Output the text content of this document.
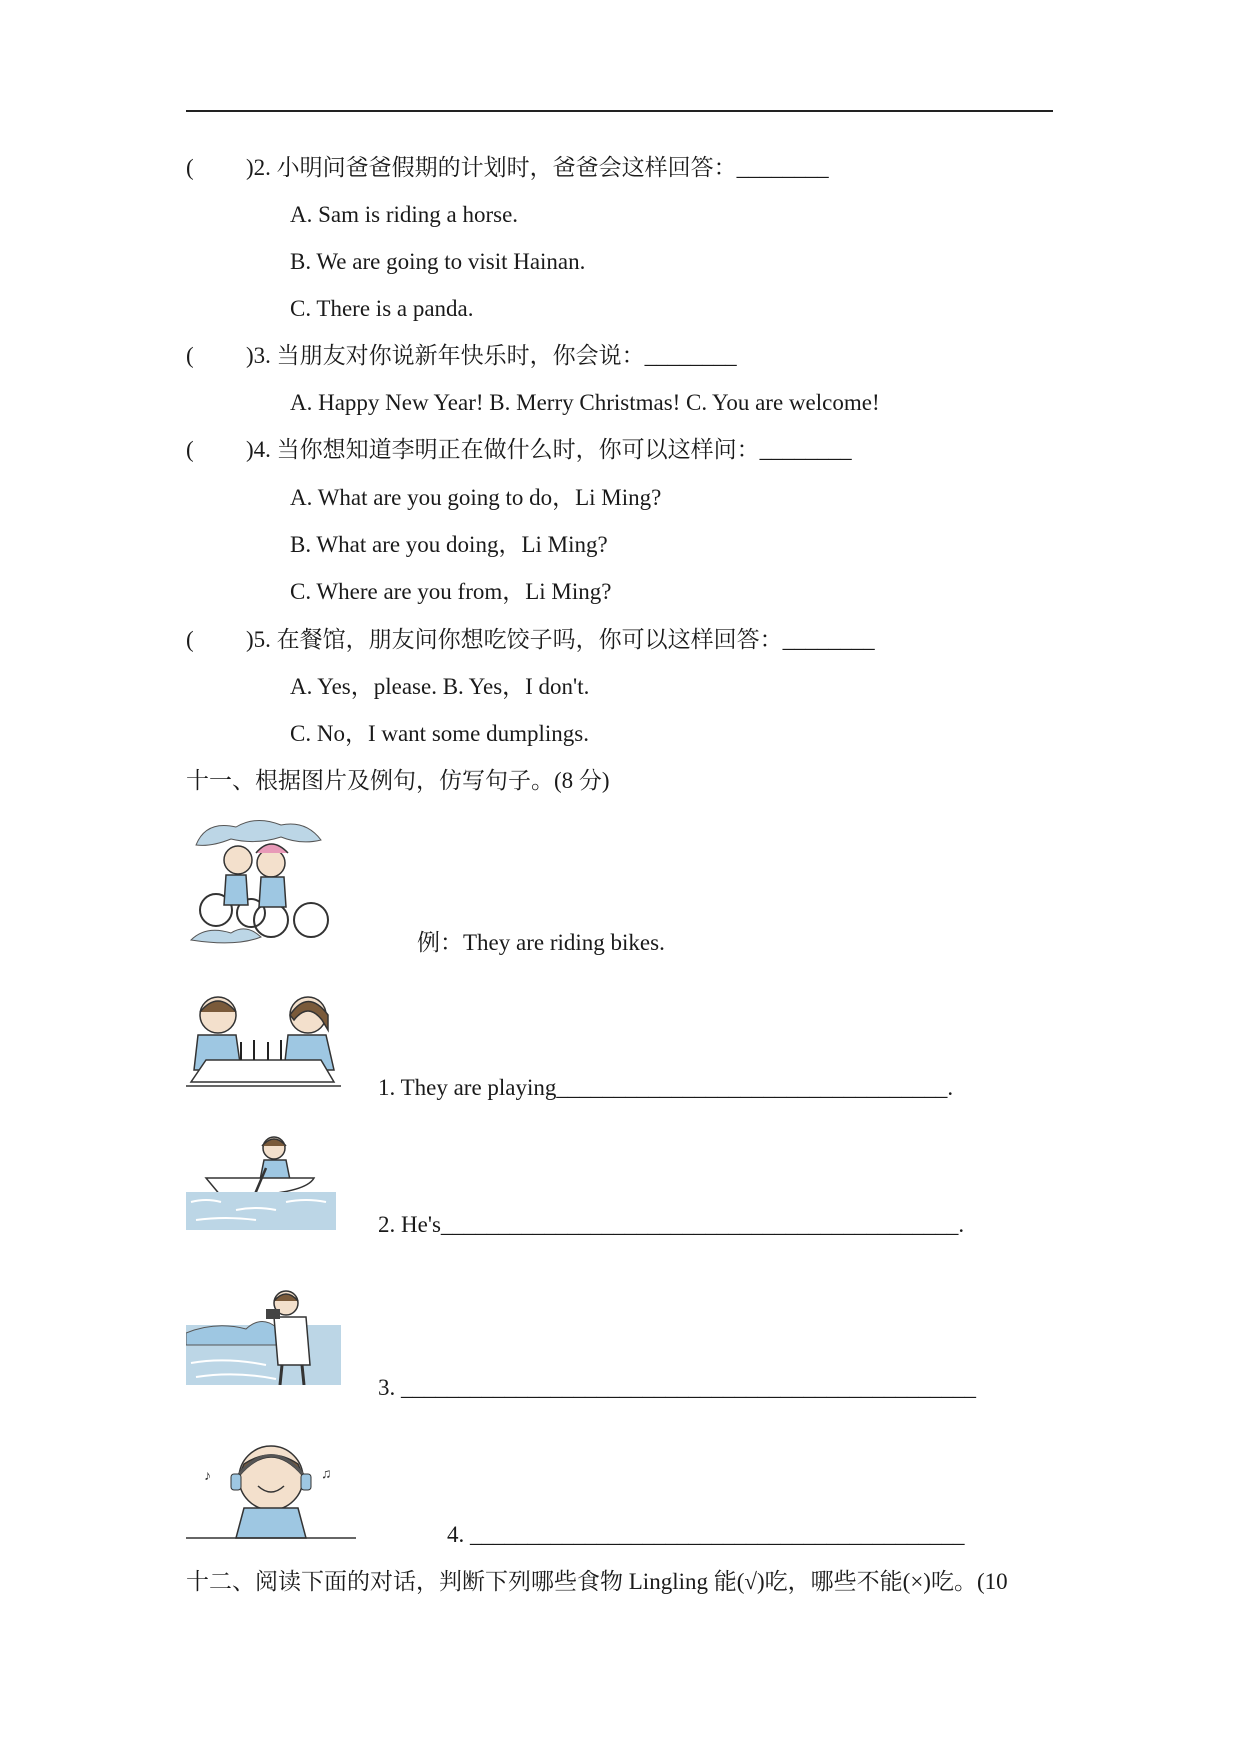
( )2. 小明问爸爸假期的计划时，爸爸会这样回答：________
A. Sam is riding a horse.
B. We are going to visit Hainan.
C. There is a panda.
( )3. 当朋友对你说新年快乐时，你会说：________
A. Happy New Year! B. Merry Christmas! C. You are welcome!
( )4. 当你想知道李明正在做什么时，你可以这样问：________
A. What are you going to do，Li Ming?
B. What are you doing，Li Ming?
C. Where are you from，Li Ming?
( )5. 在餐馆，朋友问你想吃饺子吗，你可以这样回答：________
A. Yes，please. B. Yes，I don't.
C. No，I want some dumplings.
十一、根据图片及例句，仿写句子。(8 分)
例：They are riding bikes.
1. They are playing__________________________________.
2. He's_____________________________________________.
3. __________________________________________________
♪	♫
4. ___________________________________________
十二、阅读下面的对话，判断下列哪些食物 Lingling 能(√)吃，哪些不能(×)吃。(10
